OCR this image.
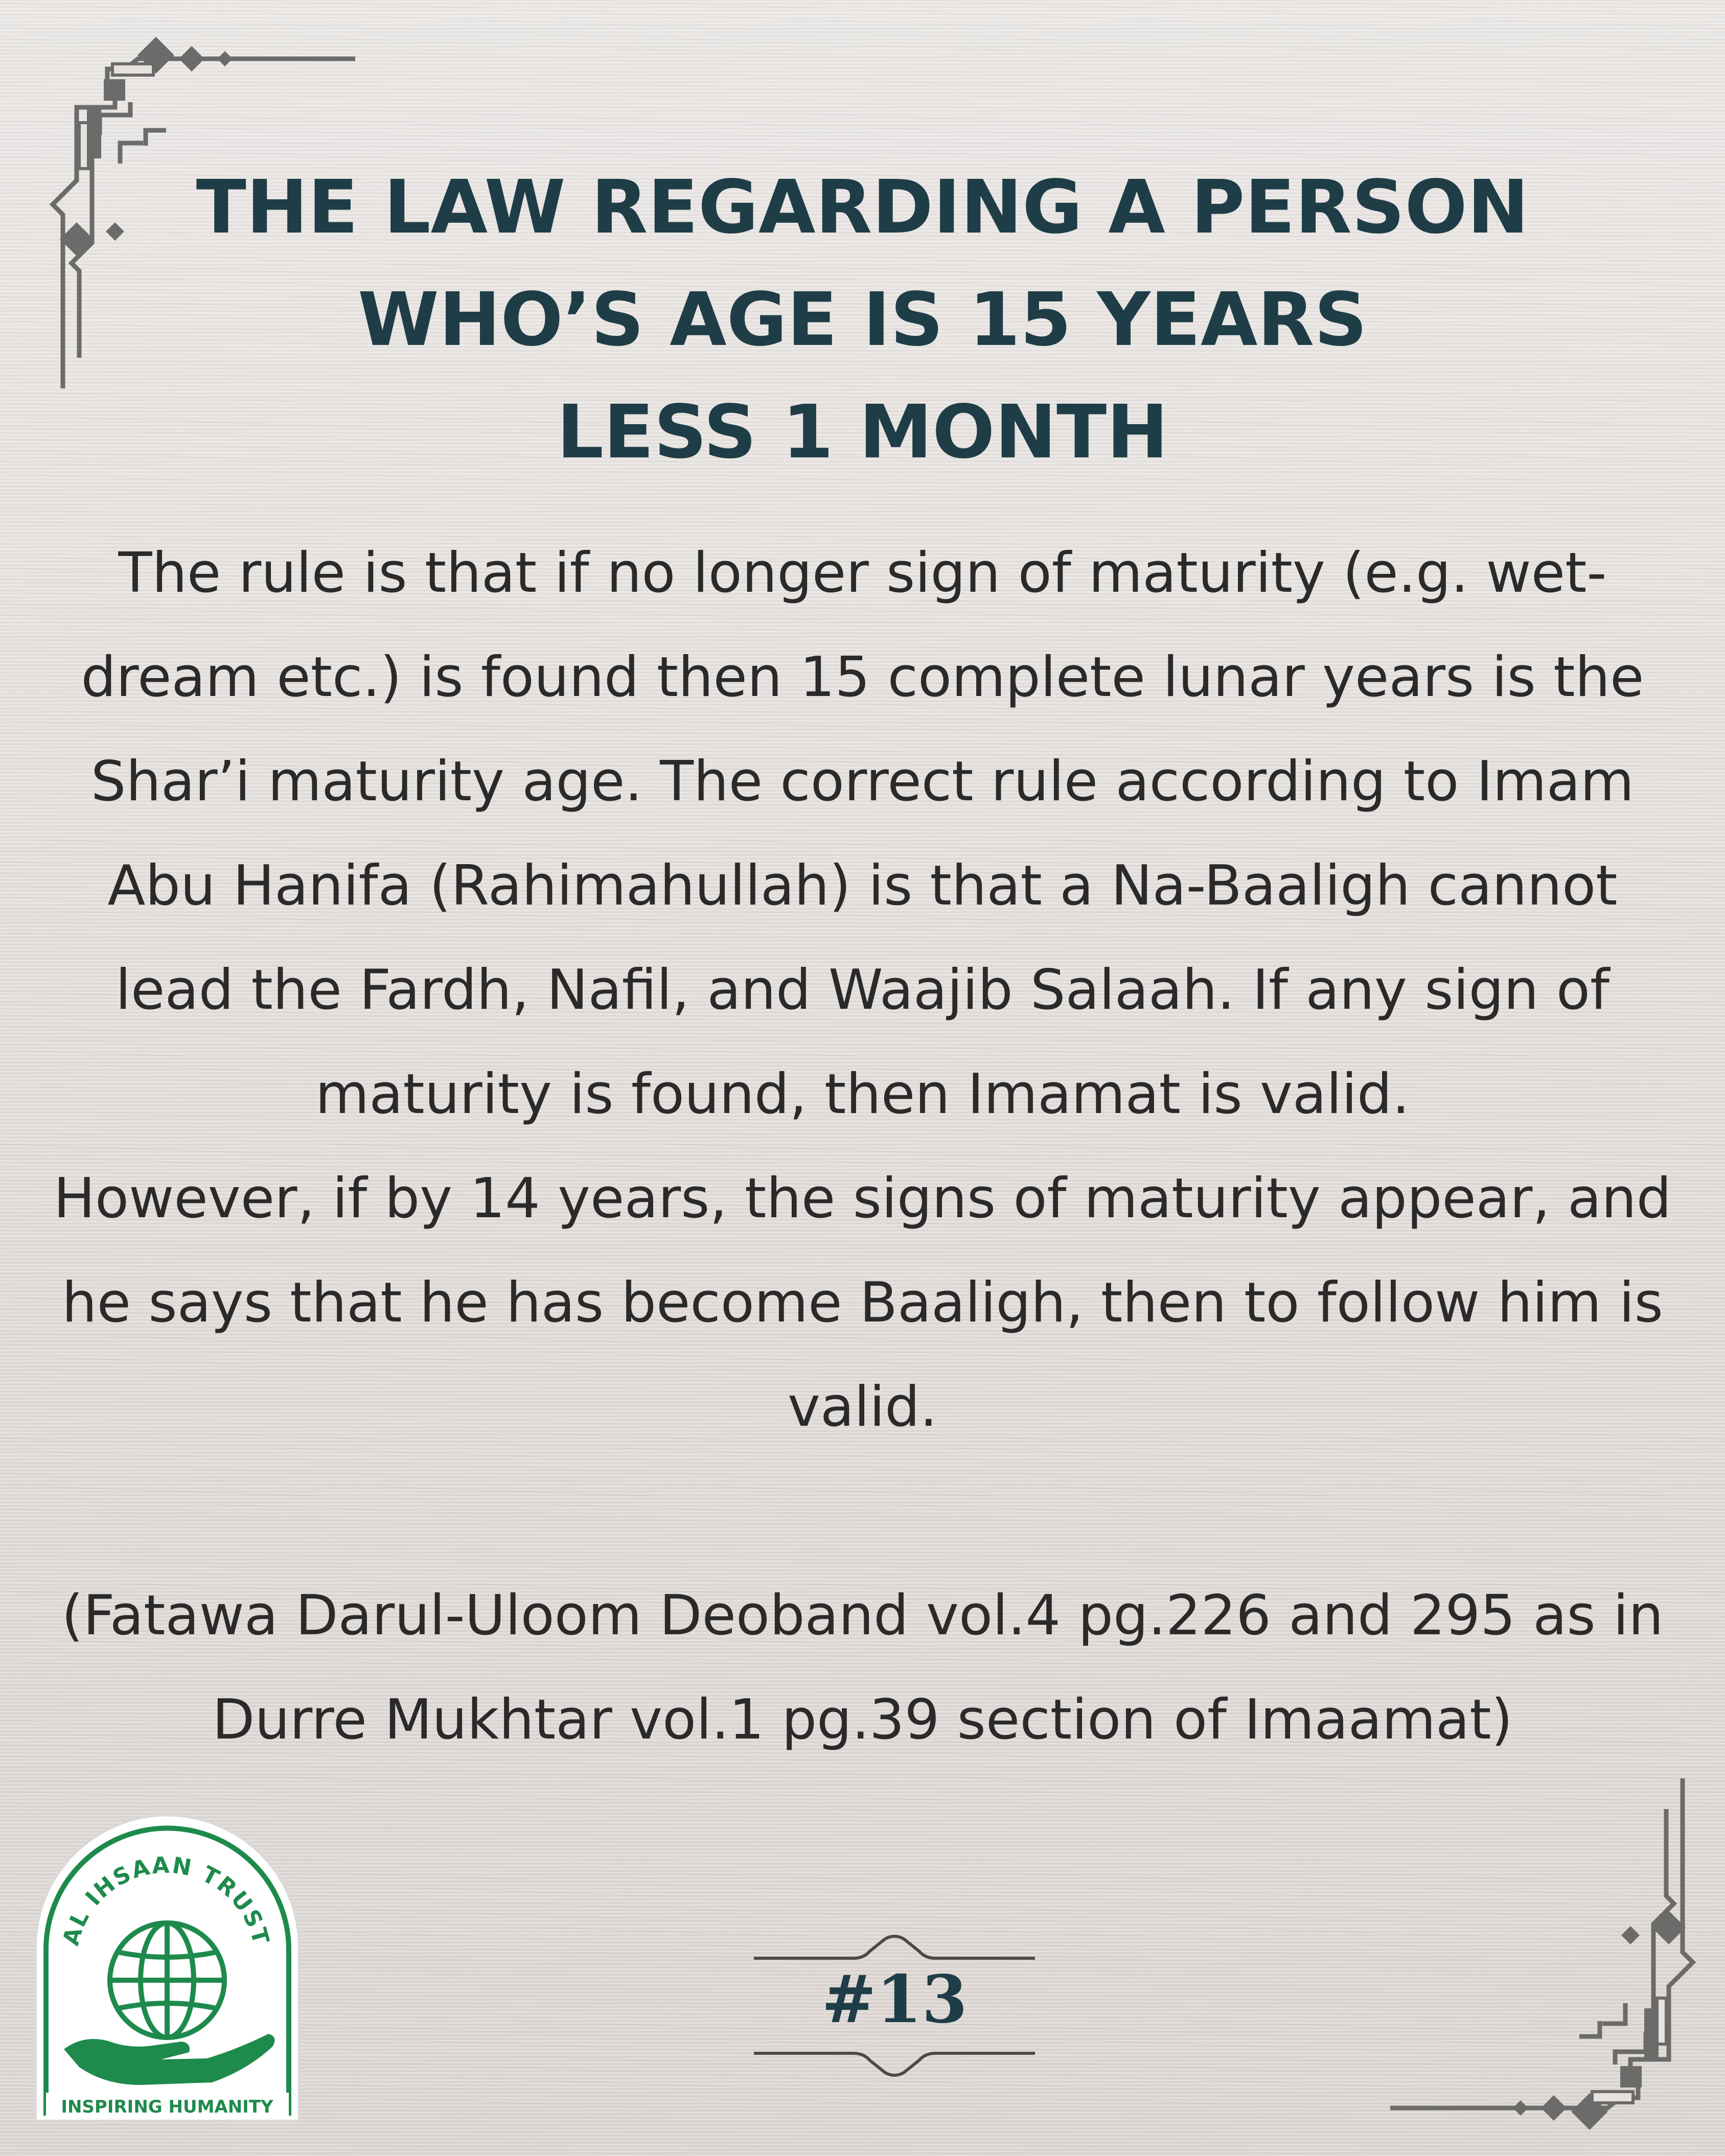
THE LAW REGARDING A PERSON
WHO’S AGE IS 15 YEARS
LESS 1 MONTH
The rule is that if no longer sign of maturity (e.g. wet-dream etc.) is found then 15 complete lunar years is the Shar’i maturity age. The correct rule according to Imam Abu Hanifa (Rahimahullah) is that a Na-Baaligh cannot lead the Fardh, Nafil, and Waajib Salaah. If any sign of maturity is found, then Imamat is valid.
However, if by 14 years, the signs of maturity appear, and he says that he has become Baaligh, then to follow him is valid.
(Fatawa Darul-Uloom Deoband vol.4 pg.226 and 295 as in Durre Mukhtar vol.1 pg.39 section of Imaamat)
AL IHSAAN TRUST
INSPIRING HUMANITY
#13
